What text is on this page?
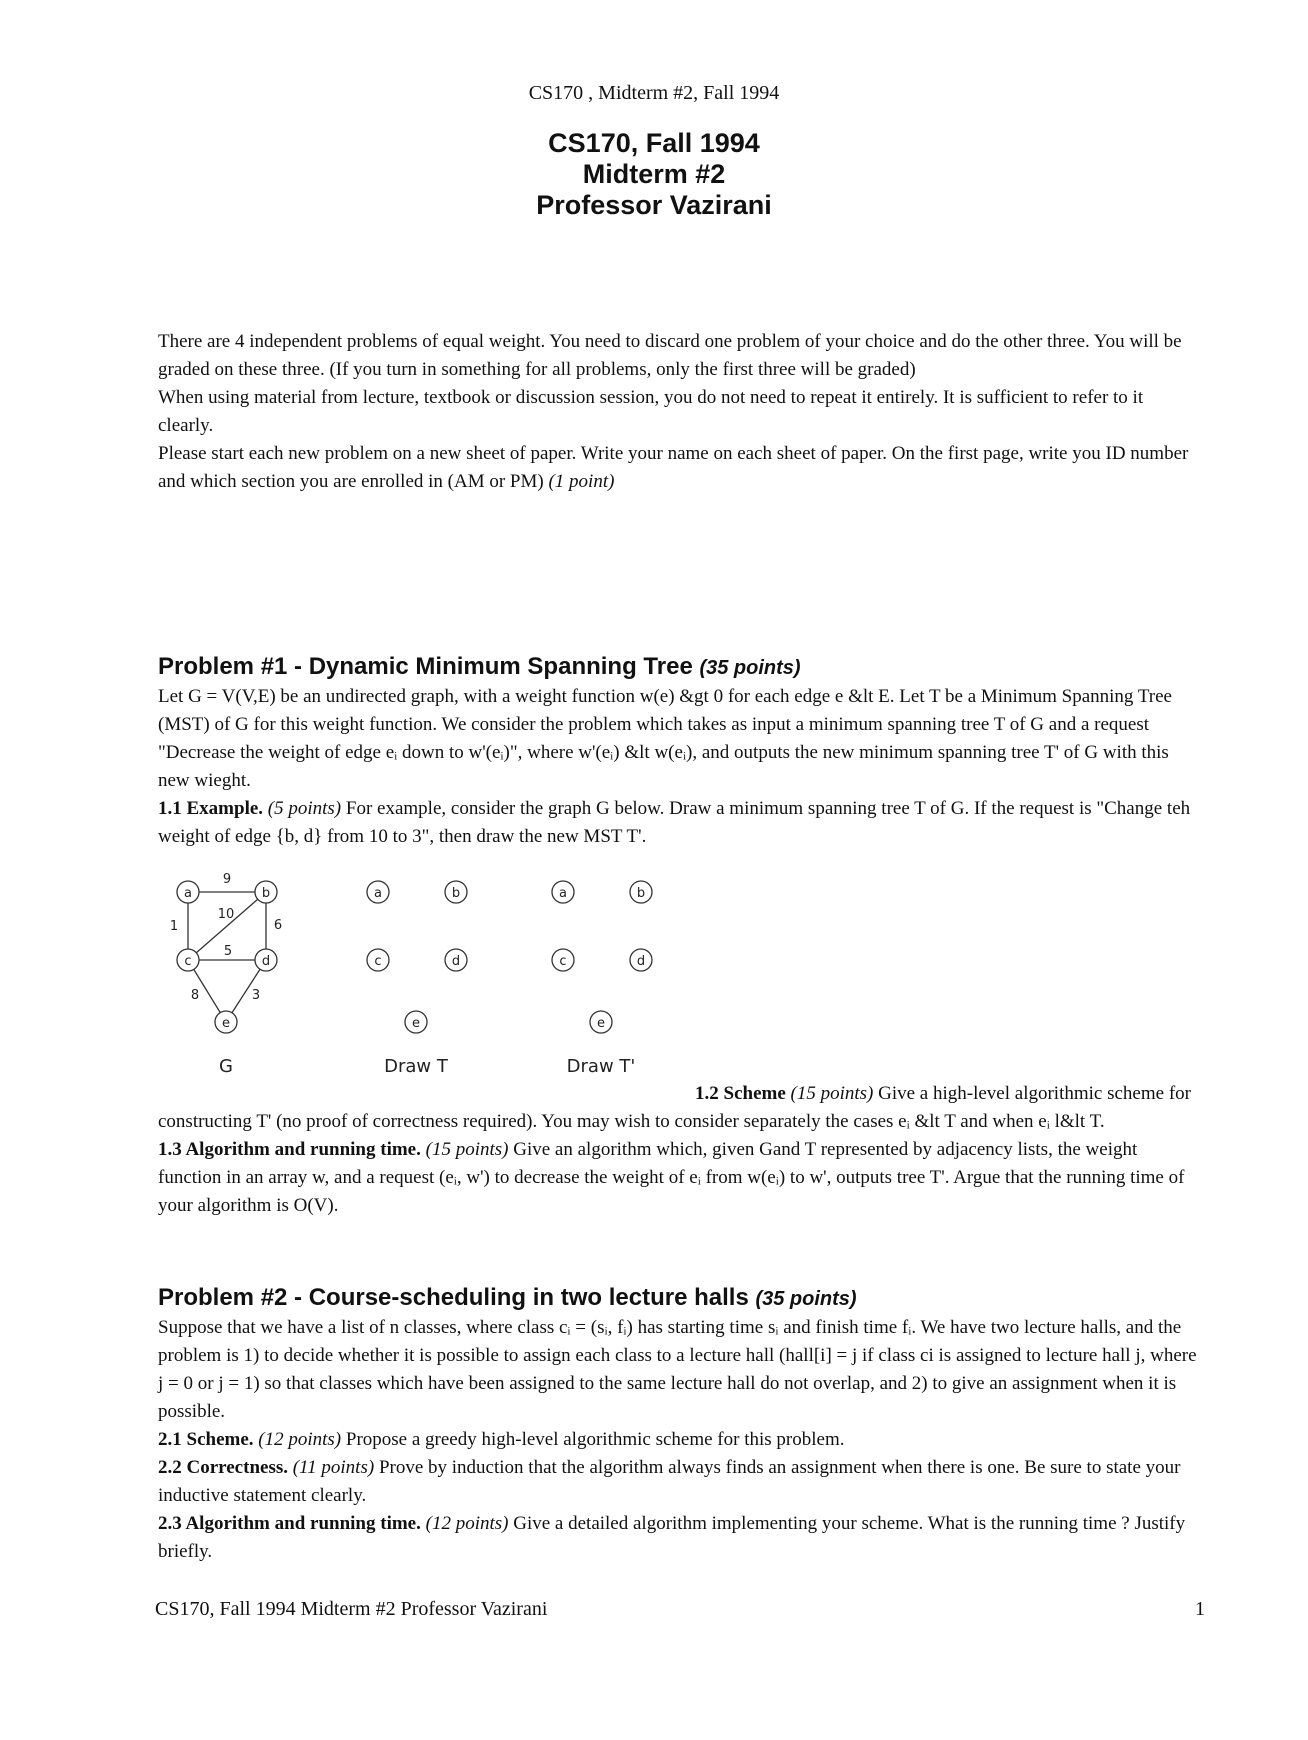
CS170 , Midterm #2, Fall 1994
CS170, Fall 1994
Midterm #2
Professor Vazirani

There are 4 independent problems of equal weight. You need to discard one problem of your choice and do the other three. You will be graded on these three. (If you turn in something for all problems, only the first three will be graded)

When using material from lecture, textbook or discussion session, you do not need to repeat it entirely. It is sufficient to refer to it clearly.

Please start each new problem on a new sheet of paper. Write your name on each sheet of paper. On the first page, write you ID number and which section you are enrolled in (AM or PM) (1 point)

Problem #1 - Dynamic Minimum Spanning Tree (35 points)

Let G = V(V,E) be an undirected graph, with a weight function w(e) &gt 0 for each edge e &lt E. Let T be a Minimum Spanning Tree (MST) of G for this weight function. We consider the problem which takes as input a minimum spanning tree T of G and a request "Decrease the weight of edge eᵢ down to w'(eᵢ)", where w'(eᵢ) &lt w(eᵢ), and outputs the new minimum spanning tree T' of G with this new wieght.

1.1 Example. (5 points) For example, consider the graph G below. Draw a minimum spanning tree T of G. If the request is "Change teh weight of edge {b, d} from 10 to 3", then draw the new MST T'.

a	b
c	d
e
a	b
c	d
e
a	b
c	d
e
9
1
10
6
5
8	3
G	Draw T	Draw T'

1.2 Scheme (15 points) Give a high-level algorithmic scheme for constructing T' (no proof of correctness required). You may wish to consider separately the cases eᵢ &lt T and when eᵢ l&lt T.

1.3 Algorithm and running time. (15 points) Give an algorithm which, given Gand T represented by adjacency lists, the weight function in an array w, and a request (eᵢ, w') to decrease the weight of eᵢ from w(eᵢ) to w', outputs tree T'. Argue that the running time of your algorithm is O(V).

Problem #2 - Course-scheduling in two lecture halls (35 points)

Suppose that we have a list of n classes, where class cᵢ = (sᵢ, fᵢ) has starting time sᵢ and finish time fᵢ. We have two lecture halls, and the problem is 1) to decide whether it is possible to assign each class to a lecture hall (hall[i] = j if class ci is assigned to lecture hall j, where j = 0 or j = 1) so that classes which have been assigned to the same lecture hall do not overlap, and 2) to give an assignment when it is possible.

2.1 Scheme. (12 points) Propose a greedy high-level algorithmic scheme for this problem.

2.2 Correctness. (11 points) Prove by induction that the algorithm always finds an assignment when there is one. Be sure to state your inductive statement clearly.

2.3 Algorithm and running time. (12 points) Give a detailed algorithm implementing your scheme. What is the running time ? Justify briefly.

CS170, Fall 1994 Midterm #2 Professor Vazirani	1
